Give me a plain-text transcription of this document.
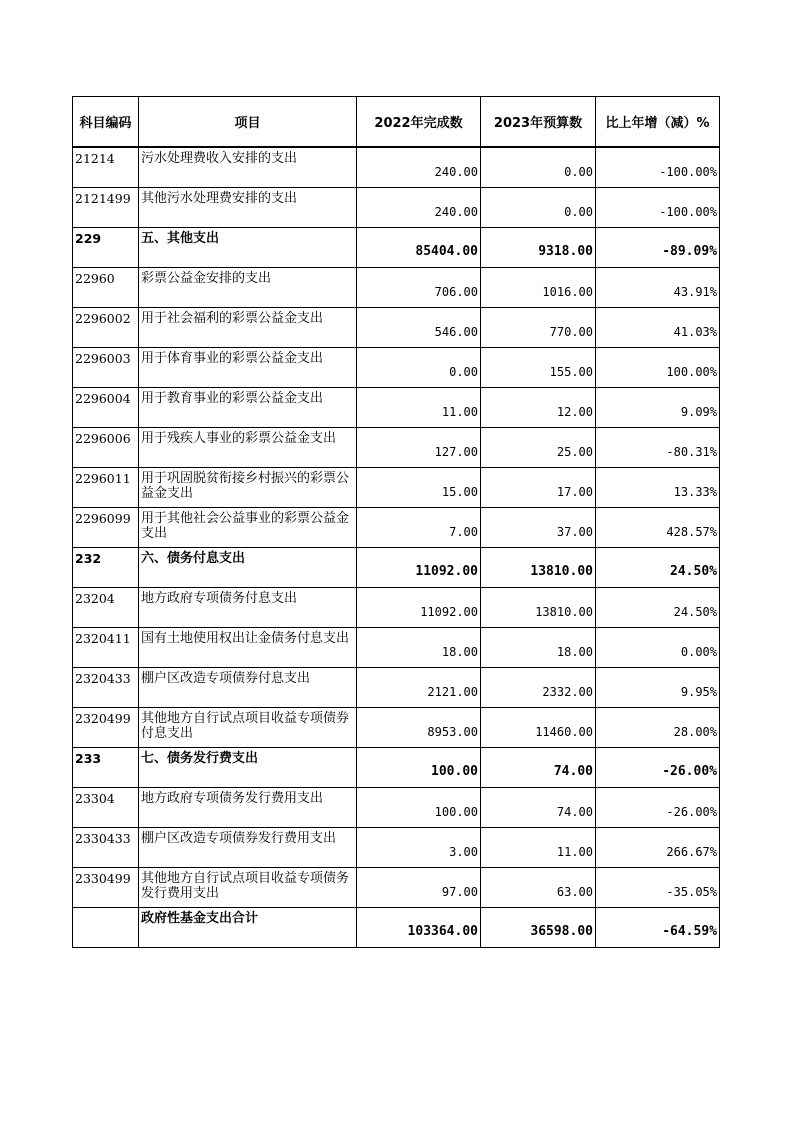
科目编码	项目	2022年完成数	2023年预算数	比上年增（减）%
21214	污水处理费收入安排的支出	240.00	0.00	-100.00%
2121499	其他污水处理费安排的支出	240.00	0.00	-100.00%
229	五、其他支出	85404.00	9318.00	-89.09%
22960	彩票公益金安排的支出	706.00	1016.00	43.91%
2296002	用于社会福利的彩票公益金支出	546.00	770.00	41.03%
2296003	用于体育事业的彩票公益金支出	0.00	155.00	100.00%
2296004	用于教育事业的彩票公益金支出	11.00	12.00	9.09%
2296006	用于残疾人事业的彩票公益金支出	127.00	25.00	-80.31%
2296011	用于巩固脱贫衔接乡村振兴的彩票公益金支出	15.00	17.00	13.33%
2296099	用于其他社会公益事业的彩票公益金支出	7.00	37.00	428.57%
232	六、债务付息支出	11092.00	13810.00	24.50%
23204	地方政府专项债务付息支出	11092.00	13810.00	24.50%
2320411	国有土地使用权出让金债务付息支出	18.00	18.00	0.00%
2320433	棚户区改造专项债券付息支出	2121.00	2332.00	9.95%
2320499	其他地方自行试点项目收益专项债券付息支出	8953.00	11460.00	28.00%
233	七、债务发行费支出	100.00	74.00	-26.00%
23304	地方政府专项债务发行费用支出	100.00	74.00	-26.00%
2330433	棚户区改造专项债券发行费用支出	3.00	11.00	266.67%
2330499	其他地方自行试点项目收益专项债务发行费用支出	97.00	63.00	-35.05%
	政府性基金支出合计	103364.00	36598.00	-64.59%
